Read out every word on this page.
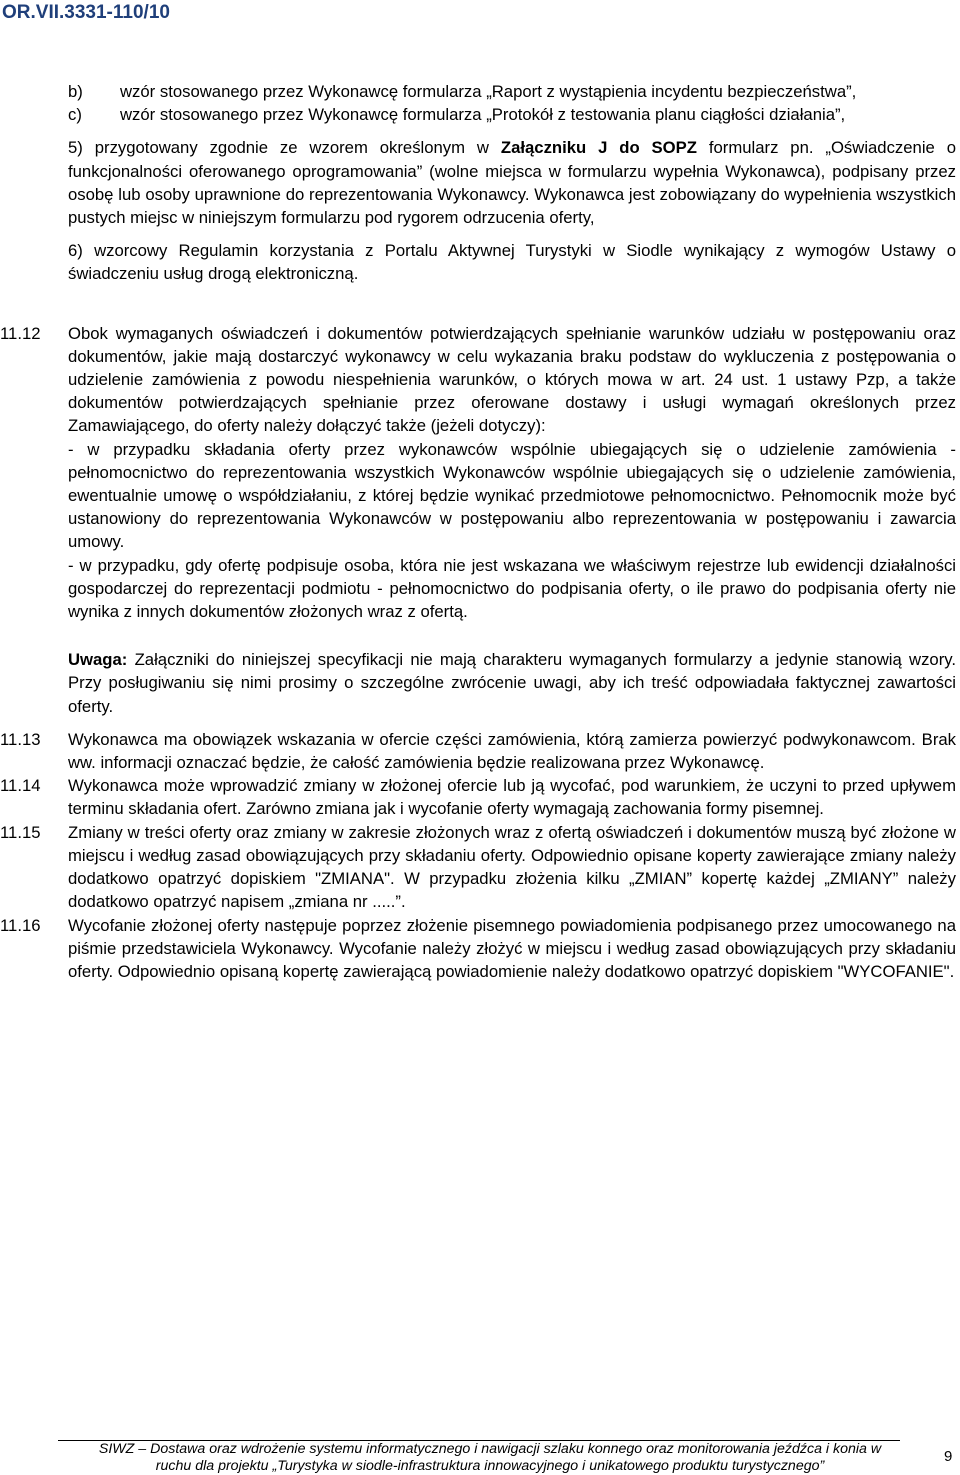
OR.VII.3331-110/10
b)	wzór stosowanego przez Wykonawcę formularza „Raport z wystąpienia incydentu bezpieczeństwa”,
c)	wzór stosowanego przez Wykonawcę formularza „Protokół z testowania planu ciągłości działania”,

5) przygotowany zgodnie ze wzorem określonym w Załączniku J do SOPZ formularz pn. „Oświadczenie o funkcjonalności oferowanego oprogramowania” (wolne miejsca w formularzu wypełnia Wykonawca), podpisany przez osobę lub osoby uprawnione do reprezentowania Wykonawcy. Wykonawca jest zobowiązany do wypełnienia wszystkich pustych miejsc w niniejszym formularzu pod rygorem odrzucenia oferty,

6) wzorcowy Regulamin korzystania z Portalu Aktywnej Turystyki w Siodle wynikający z wymogów Ustawy o świadczeniu usług drogą elektroniczną.

11.12	Obok wymaganych oświadczeń i dokumentów potwierdzających spełnianie warunków udziału w postępowaniu oraz dokumentów, jakie mają dostarczyć wykonawcy w celu wykazania braku podstaw do wykluczenia z postępowania o udzielenie zamówienia z powodu niespełnienia warunków, o których mowa w art. 24 ust. 1 ustawy Pzp, a także dokumentów potwierdzających spełnianie przez oferowane dostawy i usługi wymagań określonych przez Zamawiającego, do oferty należy dołączyć także (jeżeli dotyczy):

- w przypadku składania oferty przez wykonawców wspólnie ubiegających się o udzielenie zamówienia - pełnomocnictwo do reprezentowania wszystkich Wykonawców wspólnie ubiegających się o udzielenie zamówienia, ewentualnie umowę o współdziałaniu, z której będzie wynikać przedmiotowe pełnomocnictwo. Pełnomocnik może być ustanowiony do reprezentowania Wykonawców w postępowaniu albo reprezentowania w postępowaniu i zawarcia umowy.

- w przypadku, gdy ofertę podpisuje osoba, która nie jest wskazana we właściwym rejestrze lub ewidencji działalności gospodarczej do reprezentacji podmiotu - pełnomocnictwo do podpisania oferty, o ile prawo do podpisania oferty nie wynika z innych dokumentów złożonych wraz z ofertą.

Uwaga: Załączniki do niniejszej specyfikacji nie mają charakteru wymaganych formularzy a jedynie stanowią wzory. Przy posługiwaniu się nimi prosimy o szczególne zwrócenie uwagi, aby ich treść odpowiadała faktycznej zawartości oferty.

11.13	Wykonawca ma obowiązek wskazania w ofercie części zamówienia, którą zamierza powierzyć podwykonawcom. Brak ww. informacji oznaczać będzie, że całość zamówienia będzie realizowana przez Wykonawcę.

11.14	Wykonawca może wprowadzić zmiany w złożonej ofercie lub ją wycofać, pod warunkiem, że uczyni to przed upływem terminu składania ofert. Zarówno zmiana jak i wycofanie oferty wymagają zachowania formy pisemnej.

11.15	Zmiany w treści oferty oraz zmiany w zakresie złożonych wraz z ofertą oświadczeń i dokumentów muszą być złożone w miejscu i według zasad obowiązujących przy składaniu oferty. Odpowiednio opisane koperty zawierające zmiany należy dodatkowo opatrzyć dopiskiem "ZMIANA". W przypadku złożenia kilku „ZMIAN” kopertę każdej „ZMIANY” należy dodatkowo opatrzyć napisem „zmiana nr .....”.

11.16	Wycofanie złożonej oferty następuje poprzez złożenie pisemnego powiadomienia podpisanego przez umocowanego na piśmie przedstawiciela Wykonawcy. Wycofanie należy złożyć w miejscu i według zasad obowiązujących przy składaniu oferty. Odpowiednio opisaną kopertę zawierającą powiadomienie należy dodatkowo opatrzyć dopiskiem "WYCOFANIE".

SIWZ – Dostawa oraz wdrożenie systemu informatycznego i nawigacji szlaku konnego oraz monitorowania jeźdźca i konia w
ruchu dla projektu „Turystyka w siodle-infrastruktura innowacyjnego i unikatowego produktu turystycznego”
9
